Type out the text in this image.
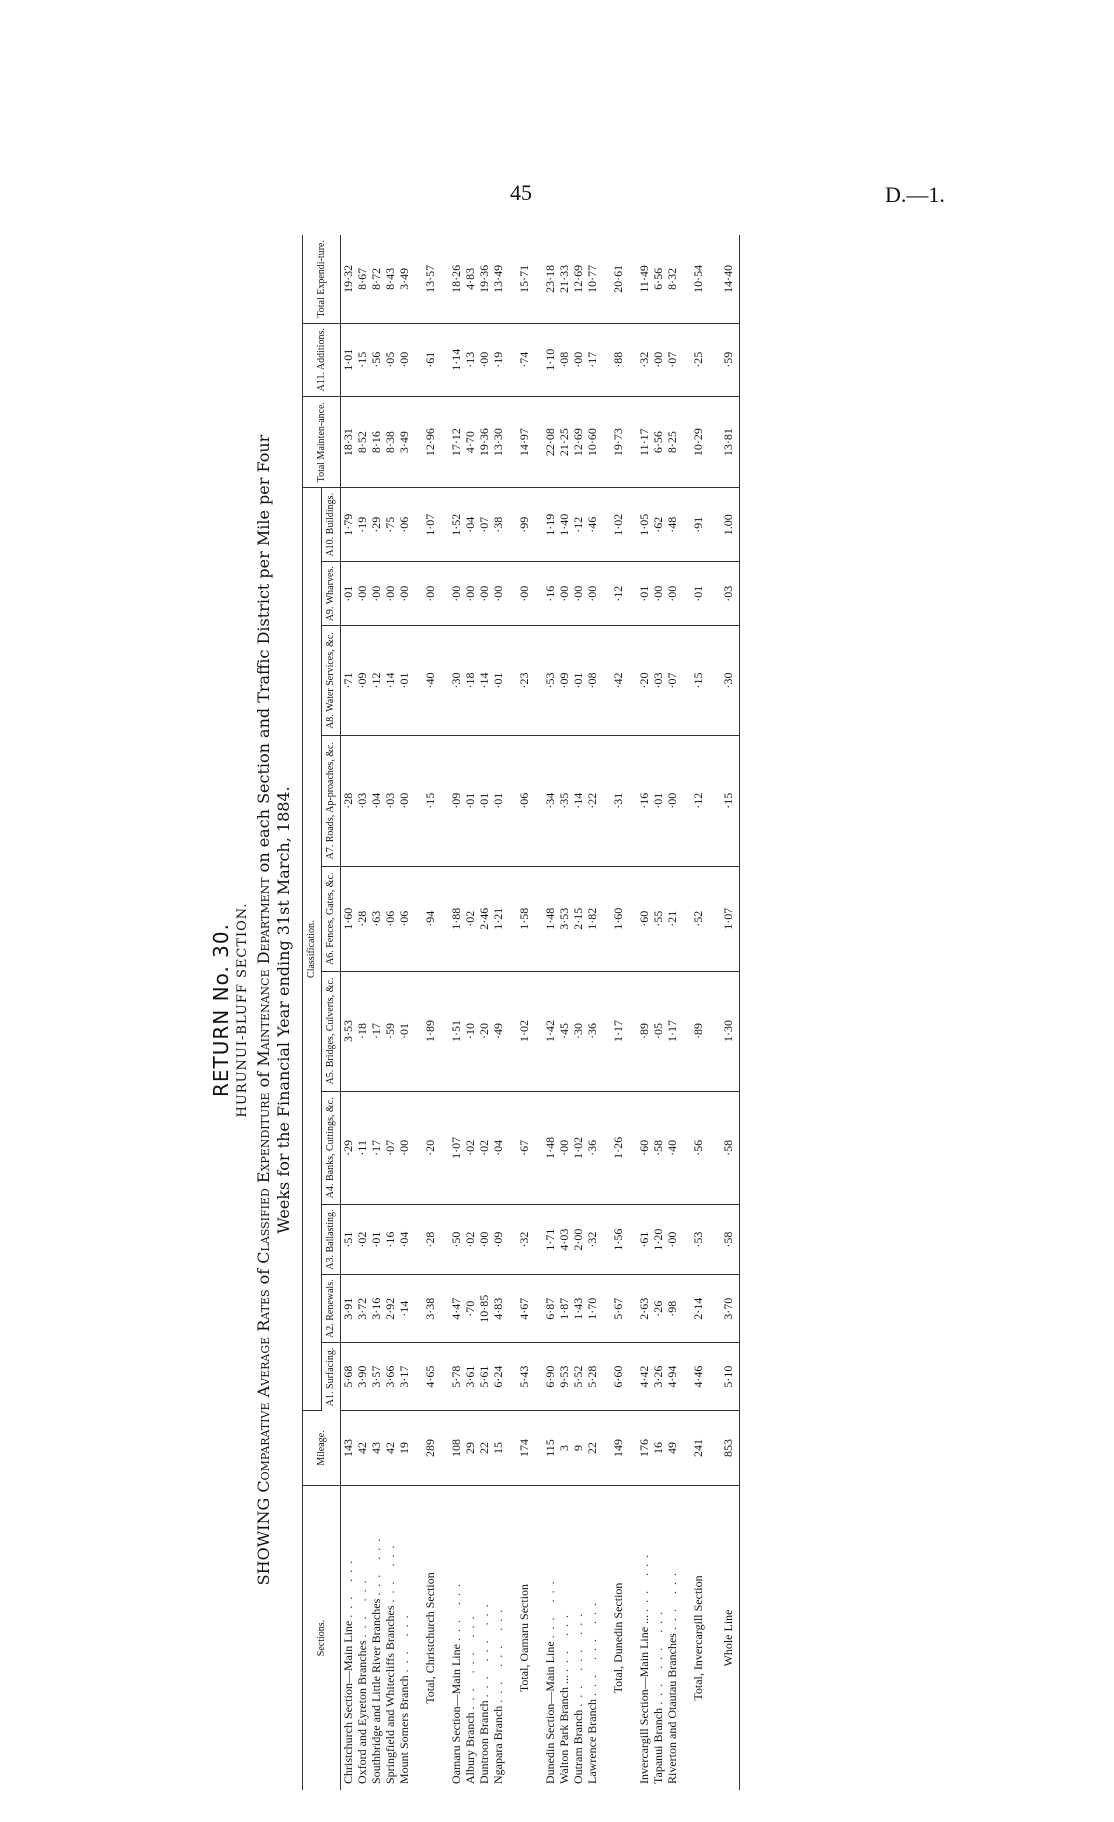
45	D.—1.
RETURN No. 30. HURUNUI-BLUFF SECTION.
SHOWING Comparative Average Rates of Classified Expenditure of Maintenance Department on each Section and Traffic District per Mile per Four
Weeks for the Financial Year ending 31st March, 1884.
Sections.	Mileage.	Classification.										Total Mainten-ance.	A11. Additions.	Total Expendi-ture.
		A1. Surfacing.	A2. Renewals.	A3. Ballasting.	A4. Banks, Cuttings, &c.	A5. Bridges, Culverts, &c.	A6. Fences, Gates, &c.	A7. Roads, Ap-proaches, &c.	A8. Water Services, &c.	A9. Wharves.	A10. Buildings.			
Christchurch Section—Main Line ... ...	143	5·68	3·91	·51	·29	3·53	1·60	·28	·71	·01	1·79	18·31	1·01	19·32
Oxford and Eyreton Branches ... ...	42	3·90	3·72	·02	·11	·18	·28	·03	·09	·00	·19	8·52	·15	8·67
Southbridge and Little River Branches ... ...	43	3·57	3·16	·01	·17	·17	·63	·04	·12	·00	·29	8·16	·56	8·72
Springfield and Whitecliffs Branches ... ...	42	3·66	2·92	·16	·07	·59	·06	·03	·14	·00	·75	8·38	·05	8·43
Mount Somers Branch ... ...	19	3·17	·14	·04	·00	·01	·06	·00	·01	·00	·06	3·49	·00	3·49

Total, Christchurch Section	289	4·65	3·38	·28	·20	1·89	·94	·15	·40	·00	1·07	12·96	·61	13·57

Oamaru Section—Main Line ... ...	108	5·78	4·47	·50	1·07	1·51	1·88	·09	·30	·00	1·52	17·12	1·14	18·26
Albury Branch ... ... ...	29	3·61	·70	·02	·02	·10	·02	·01	·18	·00	·04	4·70	·13	4·83
Duntroon Branch ... ... ...	22	5·61	10·85	·00	·02	·20	2·46	·01	·14	·00	·07	19·36	·00	19·36
Ngapara Branch ... ... ...	15	6·24	4·83	·09	·04	·49	1·21	·01	·01	·00	·38	13·30	·19	13·49

Total, Oamaru Section	174	5·43	4·67	·32	·67	1·02	1·58	·06	·23	·00	·99	14·97	·74	15·71

Dunedin Section—Main Line ... ...	115	6·90	6·87	1·71	1·48	1·42	1·48	·34	·53	·16	1·19	22·08	1·10	23·18
Walton Park Branch ... ... ...	3	9·53	1·87	4·03	·00	·45	3·53	·35	·09	·00	1·40	21·25	·08	21·33
Outram Branch ... ... ...	9	5·52	1·43	2·00	1·02	·30	2·15	·14	·01	·00	·12	12·69	·00	12·69
Lawrence Branch ... ... ...	22	5·28	1·70	·32	·36	·36	1·82	·22	·08	·00	·46	10·60	·17	10·77

Total, Dunedin Section	149	6·60	5·67	1·56	1·26	1·17	1·60	·31	·42	·12	1·02	19·73	·88	20·61

Invercargill Section—Main Line ... ... ...	176	4·42	2·63	·61	·60	·89	·60	·16	·20	·01	1·05	11·17	·32	11·49
Tapanui Branch ... ... ...	16	3·26	·26	1·20	·58	·05	·55	·01	·03	·00	·62	6·56	·00	6·56
Riverton and Otautau Branches ... ...	49	4·94	·98	·00	·40	1·17	·21	·00	·07	·00	·48	8·25	·07	8·32

Total, Invercargill Section	241	4·46	2·14	·53	·56	·89	·52	·12	·15	·01	·91	10·29	·25	10·54

Whole Line	853	5·10	3·70	·58	·58	1·30	1·07	·15	·30	·03	1.00	13·81	·59	14·40
